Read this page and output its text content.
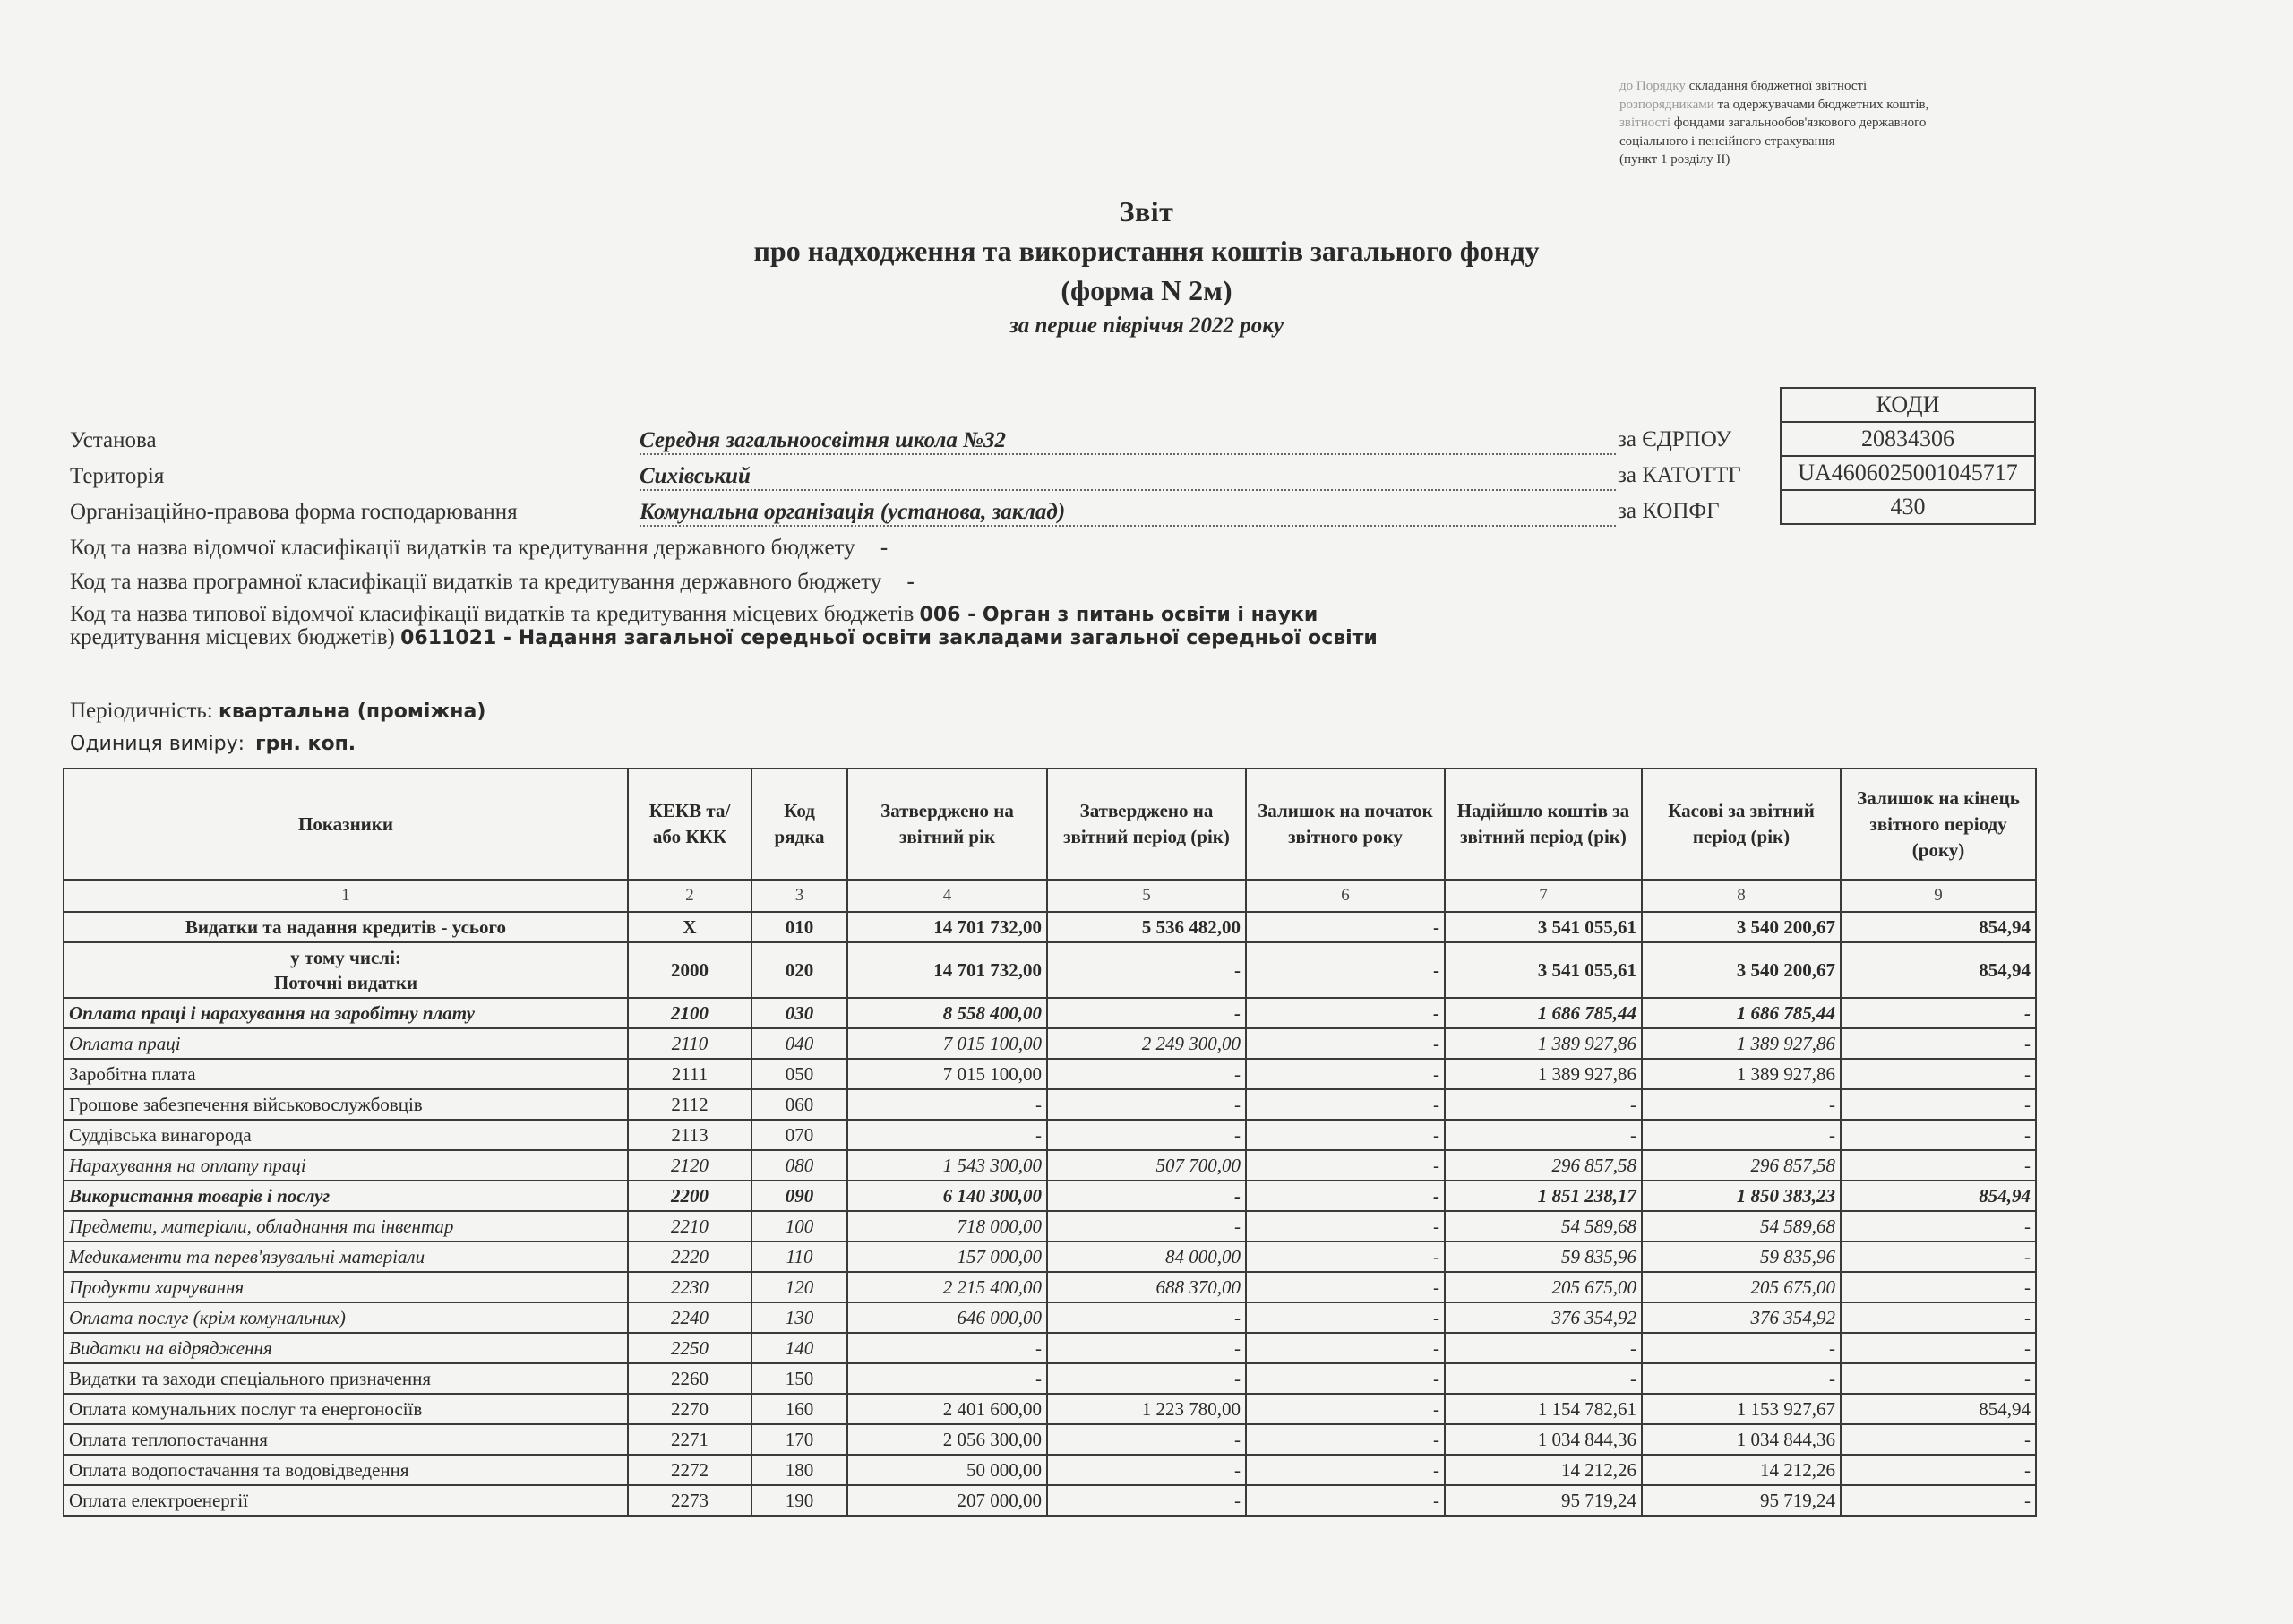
до Порядку складання бюджетної звітності
розпорядниками та одержувачами бюджетних коштів,
звітності фондами загальнообов'язкового державного
соціального і пенсійного страхування
(пункт 1 розділу II)
Звіт
про надходження та використання коштів загального фонду
(форма N 2м)
за перше півріччя 2022 року
КОДИ
20834306
UA4606025001045717
430
за ЄДРПОУ
за КАТОТТГ
за КОПФГ
Установа	Середня загальноосвітня школа №32
Територія	Сихівський
Організаційно-правова форма господарювання	Комунальна організація (установа, заклад)
Код та назва відомчої класифікації видатків та кредитування державного бюджету -
Код та назва програмної класифікації видатків та кредитування державного бюджету -
Код та назва типової відомчої класифікації видатків та кредитування місцевих бюджетів 006 - Орган з питань освіти і науки
кредитування місцевих бюджетів) 0611021 - Надання загальної середньої освіти закладами загальної середньої освіти
Періодичність: квартальна (проміжна)
Одиниця виміру: грн. коп.
Показники	КЕКВ та/або ККК	Код рядка	Затверджено на звітний рік	Затверджено на звітний період (рік)	Залишок на початок звітного року	Надійшло коштів за звітний період (рік)	Касові за звітний період (рік)	Залишок на кінець звітного періоду (року)
1	2	3	4	5	6	7	8	9
Видатки та надання кредитів - усього	X	010	14 701 732,00	5 536 482,00	-	3 541 055,61	3 540 200,67	854,94

у тому числі:
Поточні видатки	2000	020	14 701 732,00	-	-	3 541 055,61	3 540 200,67	854,94
Оплата праці і нарахування на заробітну плату	2100	030	8 558 400,00	-	-	1 686 785,44	1 686 785,44	-
Оплата праці	2110	040	7 015 100,00	2 249 300,00	-	1 389 927,86	1 389 927,86	-
Заробітна плата	2111	050	7 015 100,00	-	-	1 389 927,86	1 389 927,86	-
Грошове забезпечення військовослужбовців	2112	060	-	-	-	-	-	-
Суддівська винагорода	2113	070	-	-	-	-	-	-
Нарахування на оплату праці	2120	080	1 543 300,00	507 700,00	-	296 857,58	296 857,58	-
Використання товарів і послуг	2200	090	6 140 300,00	-	-	1 851 238,17	1 850 383,23	854,94
Предмети, матеріали, обладнання та інвентар	2210	100	718 000,00	-	-	54 589,68	54 589,68	-
Медикаменти та перев'язувальні матеріали	2220	110	157 000,00	84 000,00	-	59 835,96	59 835,96	-
Продукти харчування	2230	120	2 215 400,00	688 370,00	-	205 675,00	205 675,00	-
Оплата послуг (крім комунальних)	2240	130	646 000,00	-	-	376 354,92	376 354,92	-
Видатки на відрядження	2250	140	-	-	-	-	-	-
Видатки та заходи спеціального призначення	2260	150	-	-	-	-	-	-
Оплата комунальних послуг та енергоносіїв	2270	160	2 401 600,00	1 223 780,00	-	1 154 782,61	1 153 927,67	854,94
Оплата теплопостачання	2271	170	2 056 300,00	-	-	1 034 844,36	1 034 844,36	-
Оплата водопостачання та водовідведення	2272	180	50 000,00	-	-	14 212,26	14 212,26	-
Оплата електроенергії	2273	190	207 000,00	-	-	95 719,24	95 719,24	-
